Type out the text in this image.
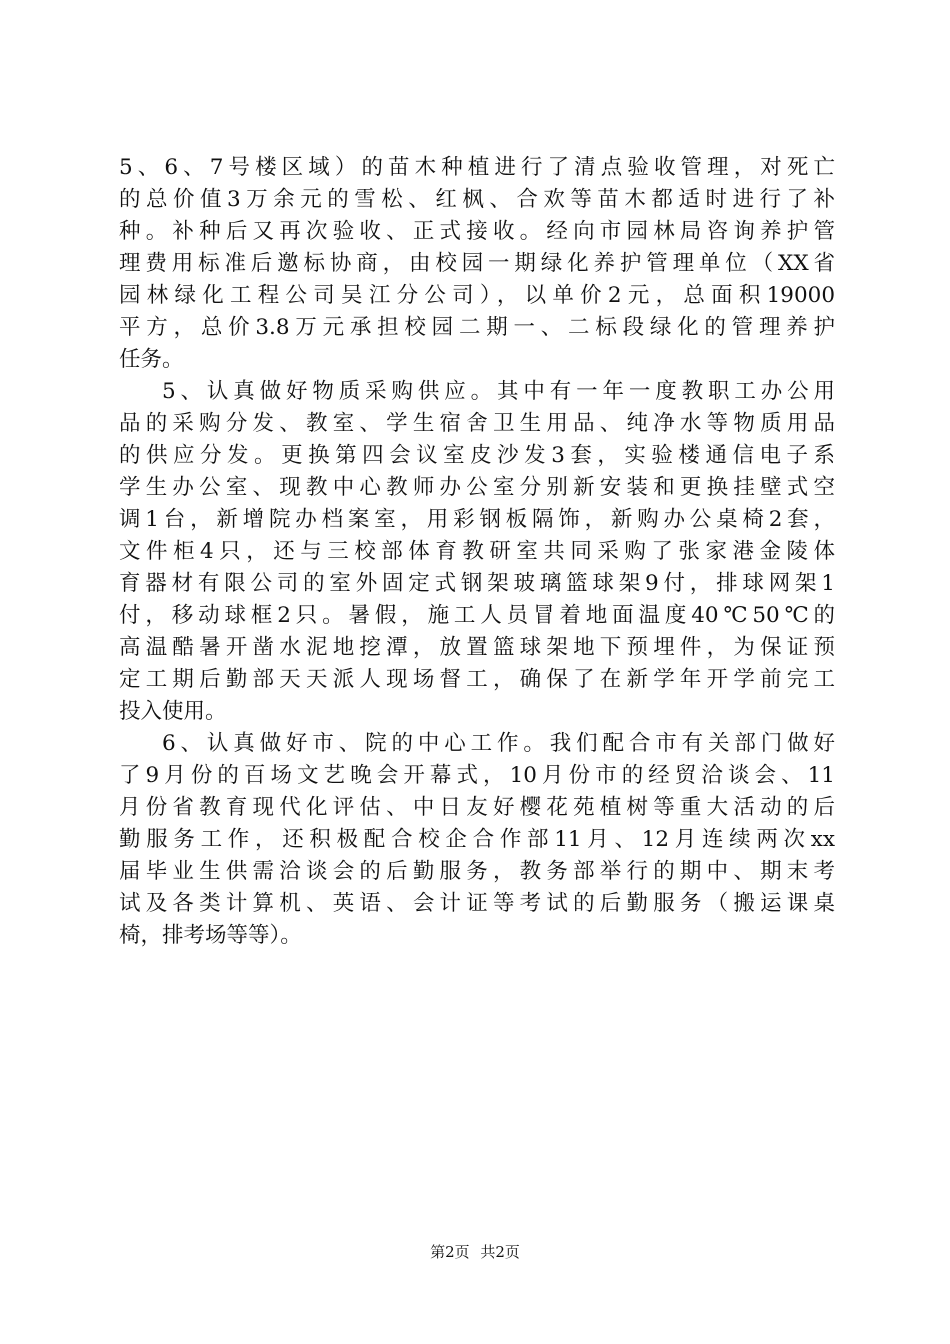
5、6、7号楼区域）的苗木种植进行了清点验收管理，对死亡
的总价值3万余元的雪松、红枫、合欢等苗木都适时进行了补
种。补种后又再次验收、正式接收。经向市园林局咨询养护管
理费用标准后邀标协商，由校园一期绿化养护管理单位（XX省
园林绿化工程公司吴江分公司），以单价2元，总面积19000
平方，总价3.8万元承担校园二期一、二标段绿化的管理养护
任务。
5、认真做好物质采购供应。其中有一年一度教职工办公用
品的采购分发、教室、学生宿舍卫生用品、纯净水等物质用品
的供应分发。更换第四会议室皮沙发3套，实验楼通信电子系
学生办公室、现教中心教师办公室分别新安装和更换挂壁式空
调1台，新增院办档案室，用彩钢板隔饰，新购办公桌椅2套，
文件柜4只，还与三校部体育教研室共同采购了张家港金陵体
育器材有限公司的室外固定式钢架玻璃篮球架9付，排球网架1
付，移动球框2只。暑假，施工人员冒着地面温度40℃50℃的
高温酷暑开凿水泥地挖潭，放置篮球架地下预埋件，为保证预
定工期后勤部天天派人现场督工，确保了在新学年开学前完工
投入使用。
6、认真做好市、院的中心工作。我们配合市有关部门做好
了9月份的百场文艺晚会开幕式，10月份市的经贸洽谈会、11
月份省教育现代化评估、中日友好樱花苑植树等重大活动的后
勤服务工作，还积极配合校企合作部11月、12月连续两次xx
届毕业生供需洽谈会的后勤服务，教务部举行的期中、期末考
试及各类计算机、英语、会计证等考试的后勤服务（搬运课桌
椅，排考场等等）。
第2页 共2页
